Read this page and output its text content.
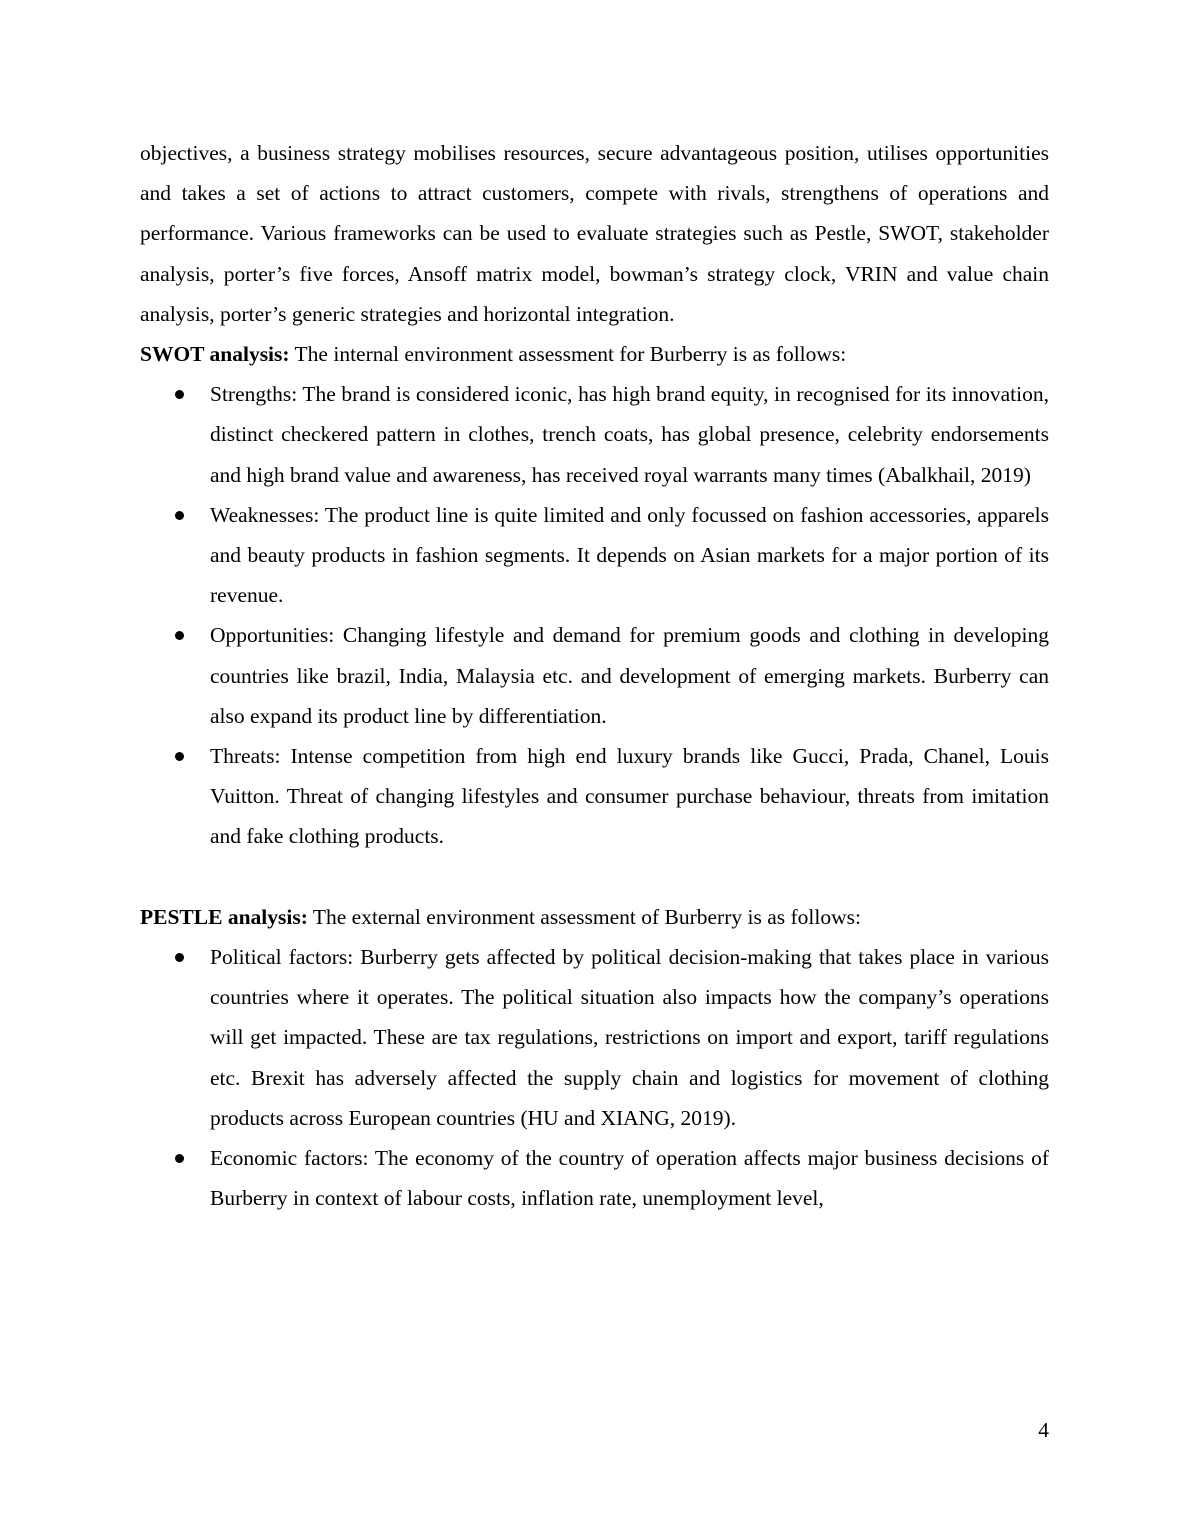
objectives, a business strategy mobilises resources, secure advantageous position, utilises opportunities and takes a set of actions to attract customers, compete with rivals, strengthens of operations and performance. Various frameworks can be used to evaluate strategies such as Pestle, SWOT, stakeholder analysis, porter’s five forces, Ansoff matrix model, bowman’s strategy clock, VRIN and value chain analysis, porter’s generic strategies and horizontal integration.

SWOT analysis: The internal environment assessment for Burberry is as follows:

Strengths: The brand is considered iconic, has high brand equity, in recognised for its innovation, distinct checkered pattern in clothes, trench coats, has global presence, celebrity endorsements and high brand value and awareness, has received royal warrants many times (Abalkhail, 2019)
Weaknesses: The product line is quite limited and only focussed on fashion accessories, apparels and beauty products in fashion segments. It depends on Asian markets for a major portion of its revenue.
Opportunities: Changing lifestyle and demand for premium goods and clothing in developing countries like brazil, India, Malaysia etc. and development of emerging markets. Burberry can also expand its product line by differentiation.
Threats: Intense competition from high end luxury brands like Gucci, Prada, Chanel, Louis Vuitton. Threat of changing lifestyles and consumer purchase behaviour, threats from imitation and fake clothing products.

PESTLE analysis: The external environment assessment of Burberry is as follows:

Political factors: Burberry gets affected by political decision-making that takes place in various countries where it operates. The political situation also impacts how the company’s operations will get impacted. These are tax regulations, restrictions on import and export, tariff regulations etc. Brexit has adversely affected the supply chain and logistics for movement of clothing products across European countries (HU and XIANG, 2019).
Economic factors: The economy of the country of operation affects major business decisions of Burberry in context of labour costs, inflation rate, unemployment level,
4
